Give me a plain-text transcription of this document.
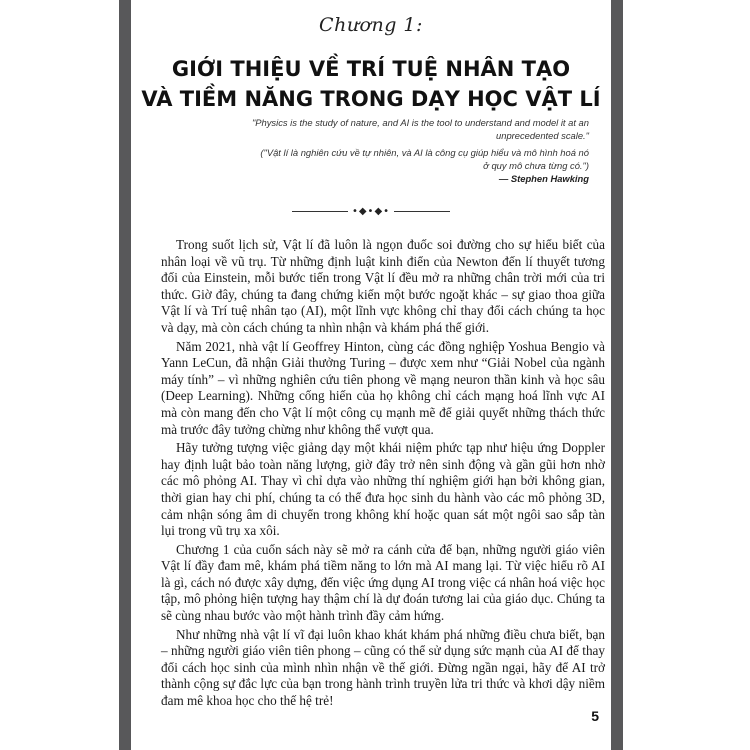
Chương 1:
GIỚI THIỆU VỀ TRÍ TUỆ NHÂN TẠO
VÀ TIỀM NĂNG TRONG DẠY HỌC VẬT LÍ
"Physics is the study of nature, and AI is the tool to understand and model it at an
unprecedented scale."
("Vật lí là nghiên cứu về tự nhiên, và AI là công cụ giúp hiểu và mô hình hoá nó
ở quy mô chưa từng có.")
— Stephen Hawking
•◆•◆•

Trong suốt lịch sử, Vật lí đã luôn là ngọn đuốc soi đường cho sự hiểu biết của nhân loại về vũ trụ. Từ những định luật kinh điển của Newton đến lí thuyết tương đối của Einstein, mỗi bước tiến trong Vật lí đều mở ra những chân trời mới của tri thức. Giờ đây, chúng ta đang chứng kiến một bước ngoặt khác – sự giao thoa giữa Vật lí và Trí tuệ nhân tạo (AI), một lĩnh vực không chỉ thay đổi cách chúng ta học và dạy, mà còn cách chúng ta nhìn nhận và khám phá thế giới.

Năm 2021, nhà vật lí Geoffrey Hinton, cùng các đồng nghiệp Yoshua Bengio và Yann LeCun, đã nhận Giải thưởng Turing – được xem như “Giải Nobel của ngành máy tính” – vì những nghiên cứu tiên phong về mạng neuron thần kinh và học sâu (Deep Learning). Những cống hiến của họ không chỉ cách mạng hoá lĩnh vực AI mà còn mang đến cho Vật lí một công cụ mạnh mẽ để giải quyết những thách thức mà trước đây tưởng chừng như không thể vượt qua.

Hãy tưởng tượng việc giảng dạy một khái niệm phức tạp như hiệu ứng Doppler hay định luật bảo toàn năng lượng, giờ đây trở nên sinh động và gần gũi hơn nhờ các mô phỏng AI. Thay vì chỉ dựa vào những thí nghiệm giới hạn bởi không gian, thời gian hay chi phí, chúng ta có thể đưa học sinh du hành vào các mô phỏng 3D, cảm nhận sóng âm di chuyển trong không khí hoặc quan sát một ngôi sao sắp tàn lụi trong vũ trụ xa xôi.

Chương 1 của cuốn sách này sẽ mở ra cánh cửa để bạn, những người giáo viên Vật lí đầy đam mê, khám phá tiềm năng to lớn mà AI mang lại. Từ việc hiểu rõ AI là gì, cách nó được xây dựng, đến việc ứng dụng AI trong việc cá nhân hoá việc học tập, mô phỏng hiện tượng hay thậm chí là dự đoán tương lai của giáo dục. Chúng ta sẽ cùng nhau bước vào một hành trình đầy cảm hứng.

Như những nhà vật lí vĩ đại luôn khao khát khám phá những điều chưa biết, bạn – những người giáo viên tiên phong – cũng có thể sử dụng sức mạnh của AI để thay đổi cách học sinh của mình nhìn nhận về thế giới. Đừng ngần ngại, hãy để AI trở thành cộng sự đắc lực của bạn trong hành trình truyền lửa tri thức và khơi dậy niềm đam mê khoa học cho thế hệ trẻ!

5
